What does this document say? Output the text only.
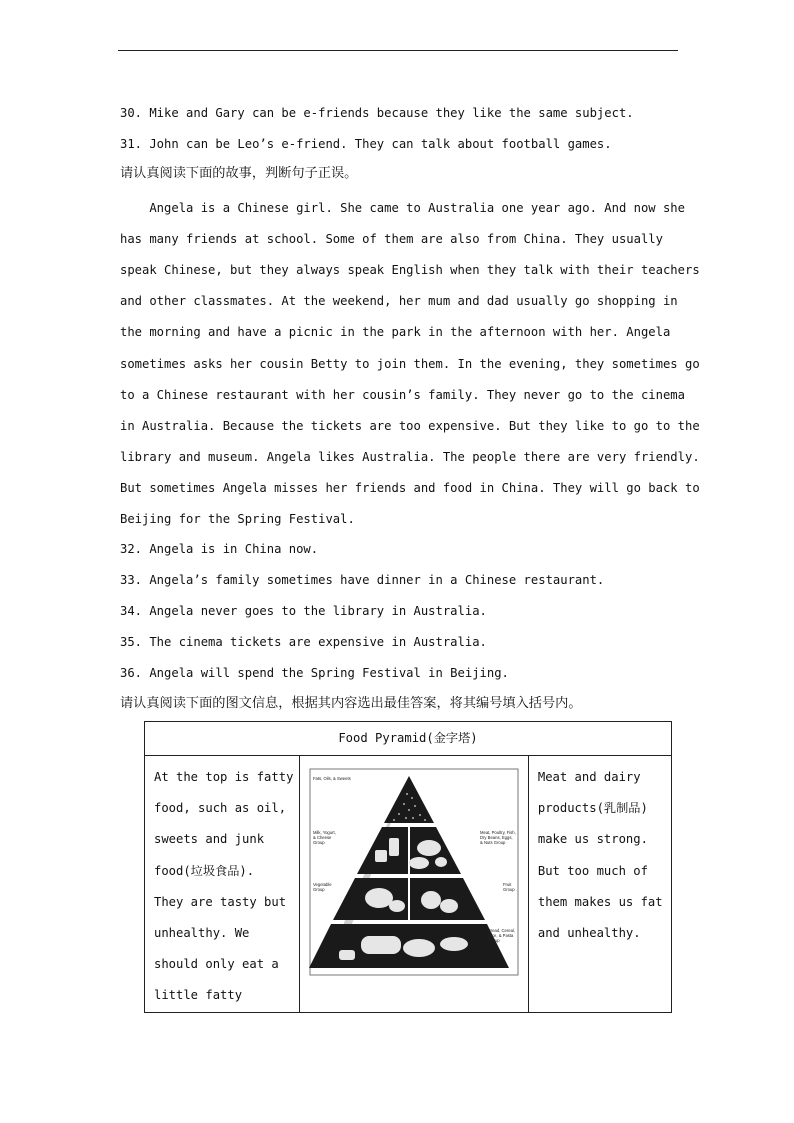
30. Mike and Gary can be e-friends because they like the same subject.
31. John can be Leo’s e-friend. They can talk about football games.
请认真阅读下面的故事，判断句子正误。
Angela is a Chinese girl. She came to Australia one year ago. And now she
has many friends at school. Some of them are also from China. They usually
speak Chinese, but they always speak English when they talk with their teachers
and other classmates. At the weekend, her mum and dad usually go shopping in
the morning and have a picnic in the park in the afternoon with her. Angela
sometimes asks her cousin Betty to join them. In the evening, they sometimes go
to a Chinese restaurant with her cousin’s family. They never go to the cinema
in Australia. Because the tickets are too expensive. But they like to go to the
library and museum. Angela likes Australia. The people there are very friendly.
But sometimes Angela misses her friends and food in China. They will go back to
Beijing for the Spring Festival.
32. Angela is in China now.
33. Angela’s family sometimes have dinner in a Chinese restaurant.
34. Angela never goes to the library in Australia.
35. The cinema tickets are expensive in Australia.
36. Angela will spend the Spring Festival in Beijing.
请认真阅读下面的图文信息，根据其内容选出最佳答案，将其编号填入括号内。
Food Pyramid(金字塔)

At the top is fatty
food, such as oil,
sweets and junk
food(垃圾食品).
They are tasty but
unhealthy. We
should only eat a
little fatty

Fats, Oils, & Sweets
Milk, Yogurt,
& Cheese
Group
Meat, Poultry, Fish,
Dry Beans, Eggs,
& Nuts Group
Vegetable
Group
Fruit
Group
Bread, Cereal,
Rice, & Pasta
Group

Meat and dairy
products(乳制品)
make us strong.
But too much of
them makes us fat
and unhealthy.
